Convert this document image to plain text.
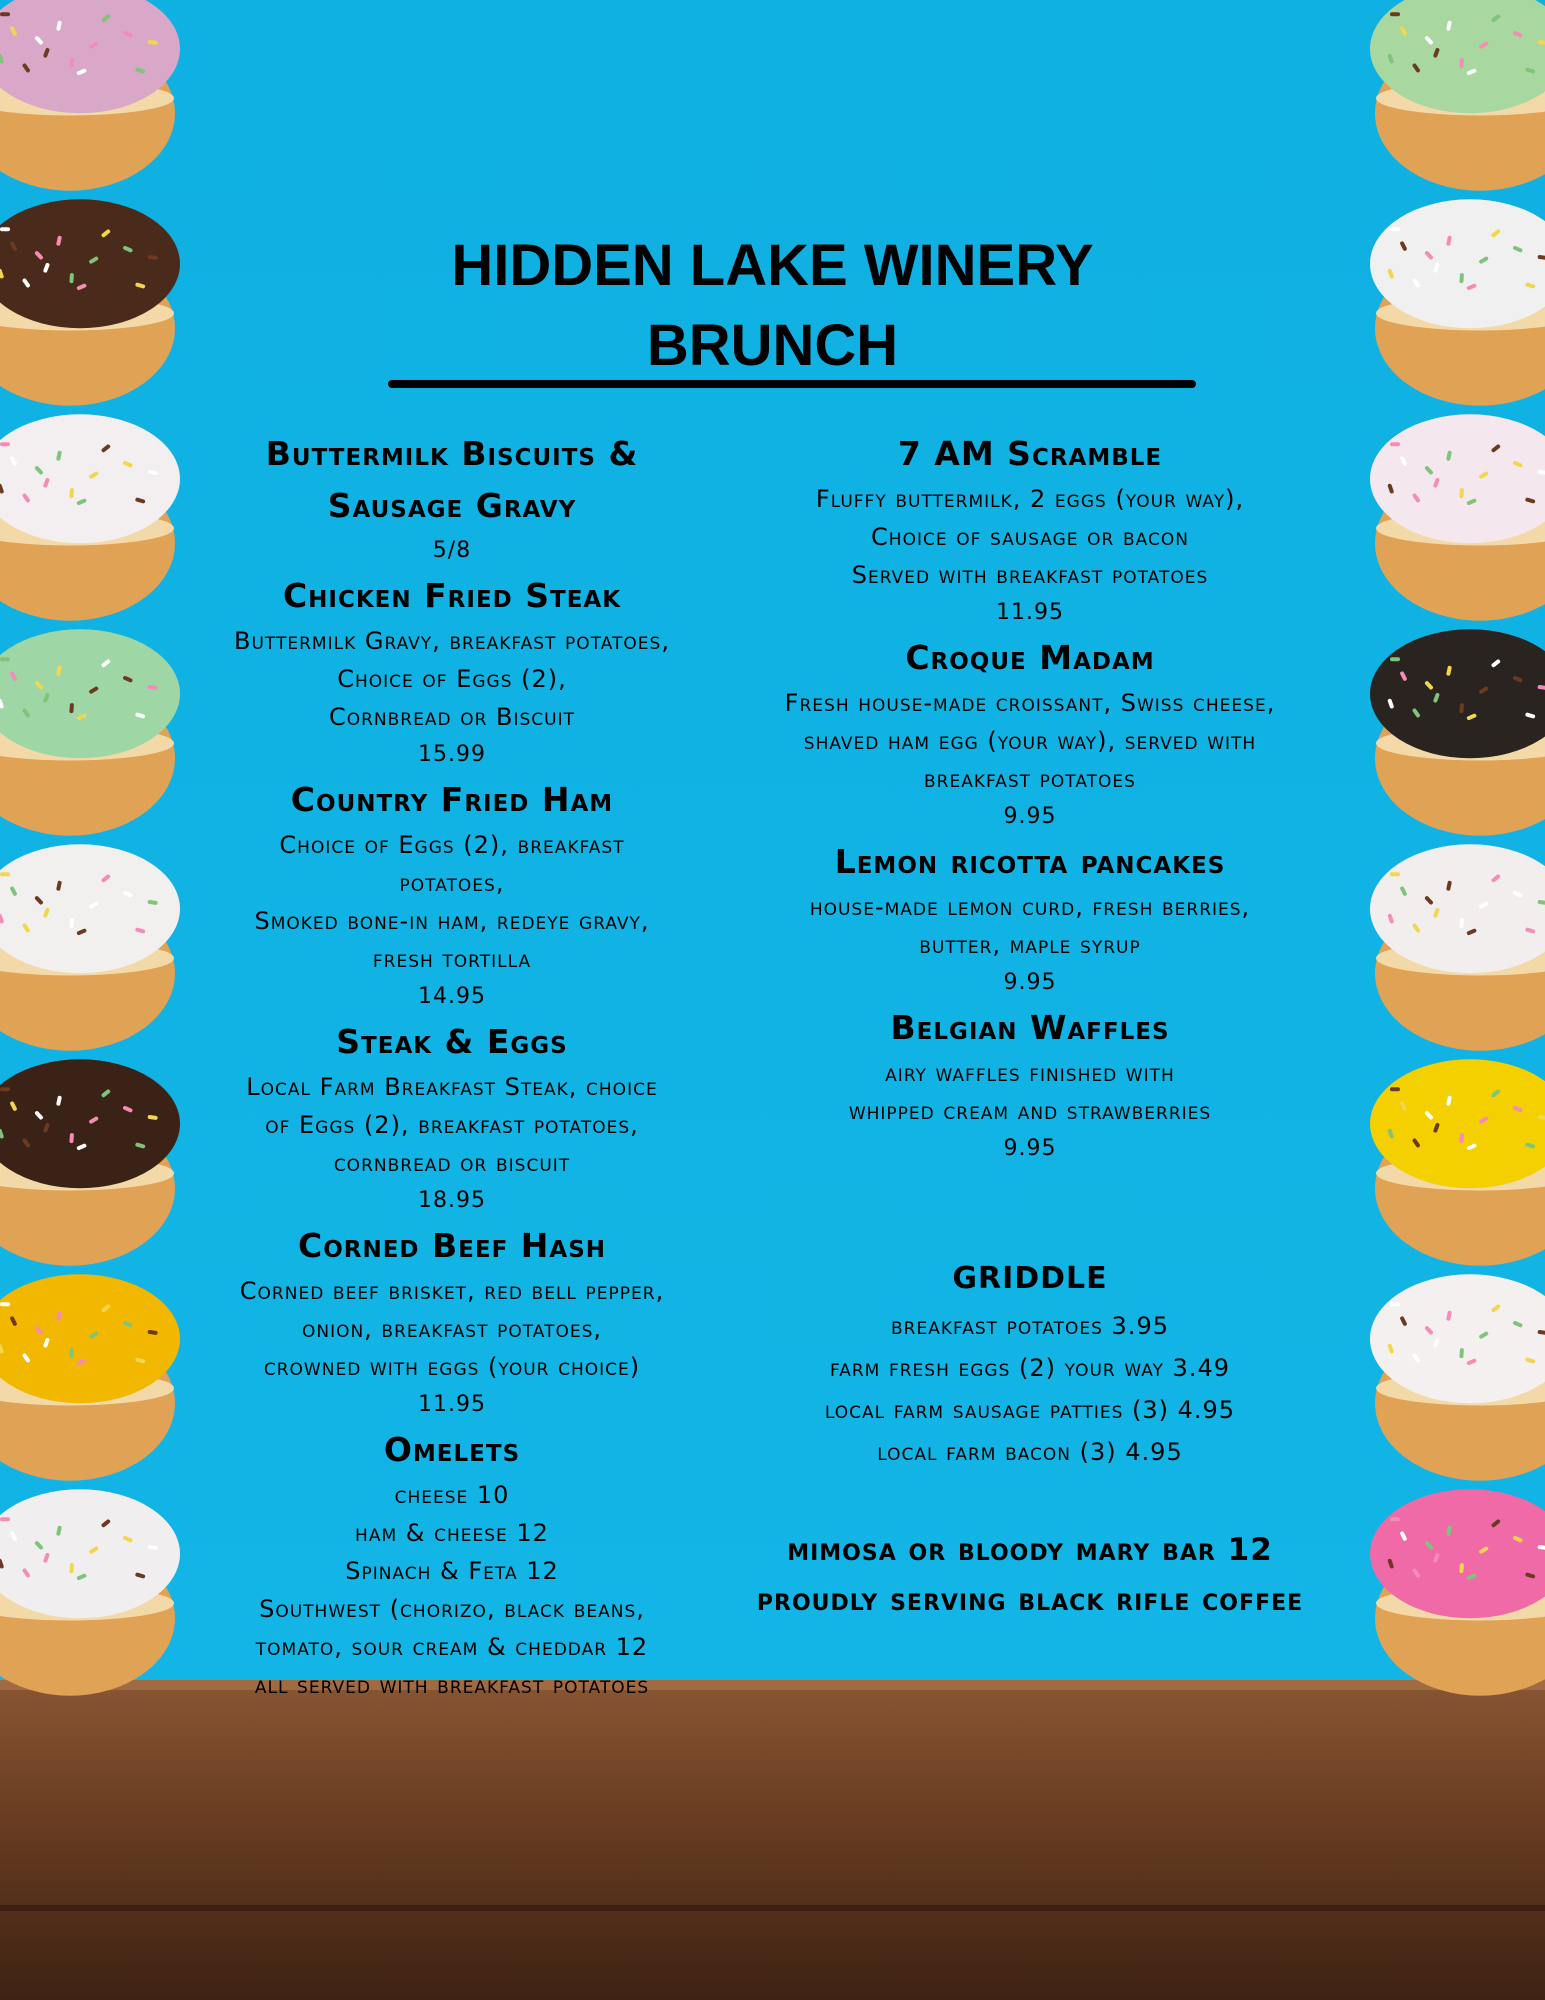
HIDDEN LAKE WINERY
BRUNCH
Buttermilk Biscuits &
Sausage Gravy
5/8
Chicken Fried Steak
Buttermilk Gravy, breakfast potatoes,
Choice of Eggs (2),
Cornbread or Biscuit
15.99
Country Fried Ham
Choice of Eggs (2), breakfast
potatoes,
Smoked bone-in ham, redeye gravy,
fresh tortilla
14.95
Steak & Eggs
Local Farm Breakfast Steak, choice
of Eggs (2), breakfast potatoes,
cornbread or biscuit
18.95
Corned Beef Hash
Corned beef brisket, red bell pepper,
onion, breakfast potatoes,
crowned with eggs (your choice)
11.95
Omelets
cheese 10
ham & cheese 12
Spinach & Feta 12
Southwest (chorizo, black beans,
tomato, sour cream & cheddar 12
all served with breakfast potatoes
7 AM Scramble
Fluffy buttermilk, 2 eggs (your way),
Choice of sausage or bacon
Served with breakfast potatoes
11.95
Croque Madam
Fresh house-made croissant, Swiss cheese,
shaved ham egg (your way), served with
breakfast potatoes
9.95
Lemon ricotta pancakes
house-made lemon curd, fresh berries,
butter, maple syrup
9.95
Belgian Waffles
airy waffles finished with
whipped cream and strawberries
9.95
GRIDDLE
breakfast potatoes 3.95
farm fresh eggs (2) your way 3.49
local farm sausage patties (3) 4.95
local farm bacon (3) 4.95
mimosa or bloody mary bar 12
proudly serving black rifle coffee
